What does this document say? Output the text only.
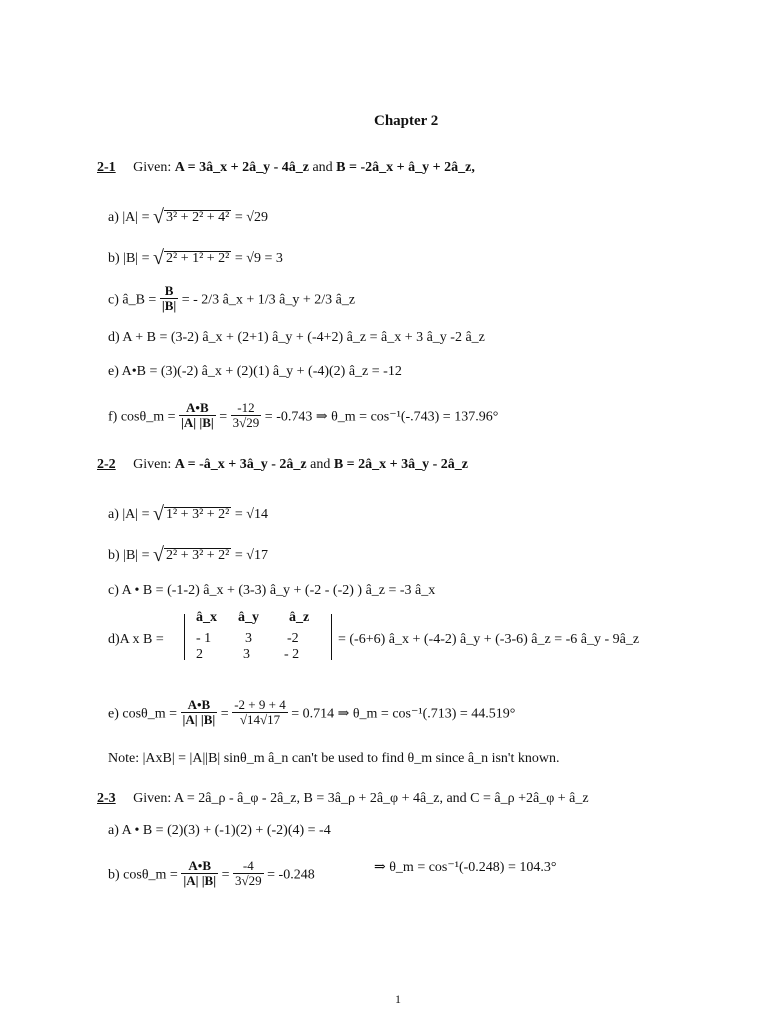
Chapter 2
2-1 Given: A = 3â_x + 2â_y - 4â_z and B = -2â_x + â_y + 2â_z,
a) |A| = √ 3² + 2² + 4² = √29
b) |B| = √ 2² + 1² + 2² = √9 = 3
c) â_B = $\frac{B}{|B|}$ = - 2/3 â_x + 1/3 â_y + 2/3 â_z
d) A + B = (3-2) â_x + (2+1) â_y + (-4+2) â_z = â_x + 3 â_y -2 â_z
e) A•B = (3)(-2) â_x + (2)(1) â_y + (-4)(2) â_z = -12
f) cosθ_m = $\frac{A•B}{|A| |B|} = \frac{-12}{3√29} = -0.743$ ⇒ θ_m = cos⁻¹(-.743) = 137.96°
2-2 Given: A = -â_x + 3â_y - 2â_z and B = 2â_x + 3â_y - 2â_z
a) |A| = √ 1² + 3² + 2² = √14
b) |B| = √ 2² + 3² + 2² = √17
c) A • B = (-1-2) â_x + (3-3) â_y + (-2 - (-2) ) â_z = -3 â_x
d)A x B =
â_x â_y â_z
- 1 3	-2
2	3 - 2
= (-6+6) â_x + (-4-2) â_y + (-3-6) â_z = -6 â_y - 9â_z
e) cosθ_m = $\frac{A•B}{|A| |B|} = \frac{-2 + 9 + 4}{√14√17} = 0.714$ ⇒ θ_m = cos⁻¹(.713) = 44.519°
Note: |AxB| = |A||B| sinθ_m â_n can't be used to find θ_m since â_n isn't known.
2-3 Given: A = 2â_ρ - â_φ - 2â_z, B = 3â_ρ + 2â_φ + 4â_z, and C = â_ρ +2â_φ + â_z
a) A • B = (2)(3) + (-1)(2) + (-2)(4) = -4
b) cosθ_m = $\frac{A•B}{|A| |B|} = \frac{-4}{3√29} = -0.248$
⇒ θ_m = cos⁻¹(-0.248) = 104.3°
1
